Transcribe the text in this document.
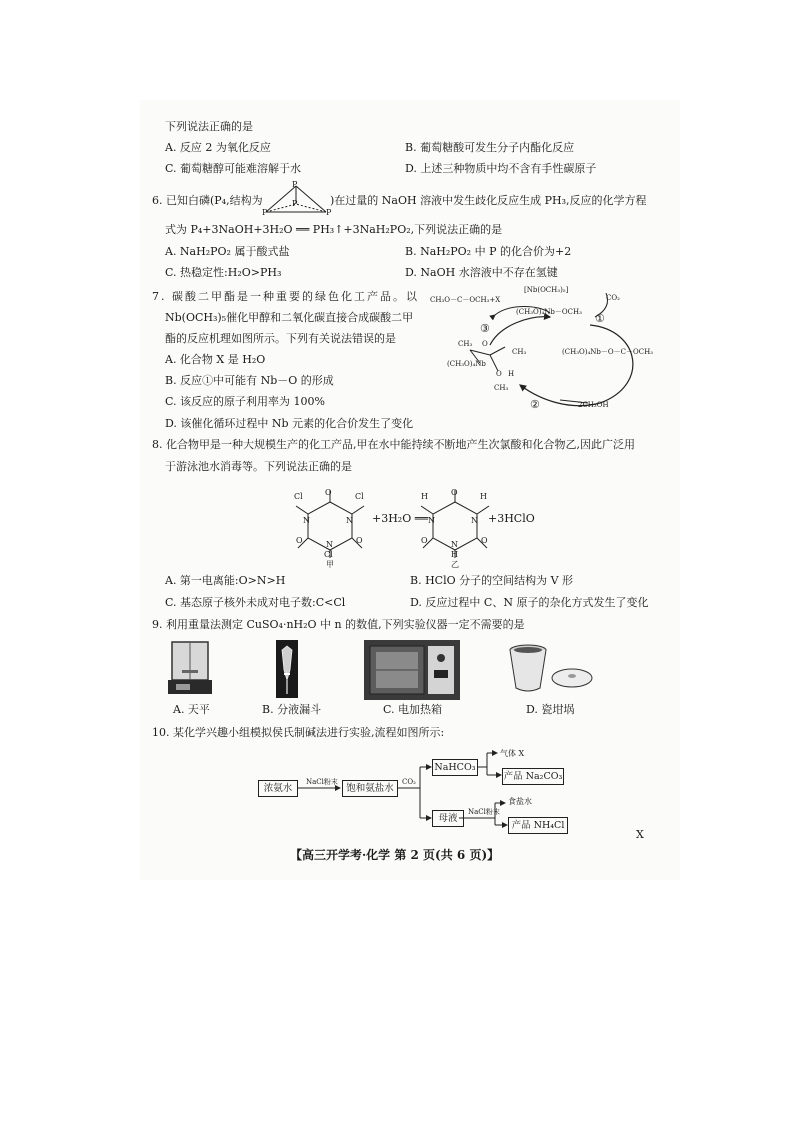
下列说法正确的是
A. 反应 2 为氧化反应	B. 葡萄糖酸可发生分子内酯化反应
C. 葡萄糖醇可能难溶解于水	D. 上述三种物质中均不含有手性碳原子
6. 已知白磷(P₄,结构为
P
P
P	P
)在过量的 NaOH 溶液中发生歧化反应生成 PH₃,反应的化学方程
式为 P₄+3NaOH+3H₂O ══ PH₃↑+3NaH₂PO₂,下列说法正确的是
A. NaH₂PO₂ 属于酸式盐	B. NaH₂PO₂ 中 P 的化合价为+2
C. 热稳定性:H₂O>PH₃	D. NaOH 水溶液中不存在氢键
7. 碳酸二甲酯是一种重要的绿色化工产品。以
Nb(OCH₃)₅催化甲醇和二氧化碳直接合成碳酸二甲
酯的反应机理如图所示。下列有关说法错误的是
A. 化合物 X 是 H₂O
B. 反应①中可能有 Nb－O 的形成
C. 该反应的原子利用率为 100%
D. 该催化循环过程中 Nb 元素的化合价发生了变化
[Nb(OCH₃)₅]
CH₃O－C－OCH₃+X	CO₂
(CH₃O)₄Nb－OCH₃ ①
③
(CH₃O)₄Nb－O－C－OCH₃
CH₃ O
CH₃
(CH₃O)₄Nb
O H
CH₃
②	2CH₃OH
8. 化合物甲是一种大规模生产的化工产品,甲在水中能持续不断地产生次氯酸和化合物乙,因此广泛用
于游泳池水消毒等。下列说法正确的是
Cl	O	Cl
N	N
O	O
N
Cl
甲
+3H₂O ══
H	O	H
N	N
O	O
N
H
乙
+3HClO
A. 第一电离能:O>N>H	B. HClO 分子的空间结构为 V 形
C. 基态原子核外未成对电子数:C<Cl	D. 反应过程中 C、N 原子的杂化方式发生了变化
9. 利用重量法测定 CuSO₄·nH₂O 中 n 的数值,下列实验仪器一定不需要的是
A. 天平	B. 分液漏斗	C. 电加热箱	D. 瓷坩埚
10. 某化学兴趣小组模拟侯氏制碱法进行实验,流程如图所示:
浓氨水
NaCl粉末
饱和氨盐水
CO₂
NaHCO₃
气体 X
产品 Na₂CO₃
母液
NaCl粉末
食盐水
产品 NH₄Cl
X
【高三开学考·化学 第 2 页(共 6 页)】
